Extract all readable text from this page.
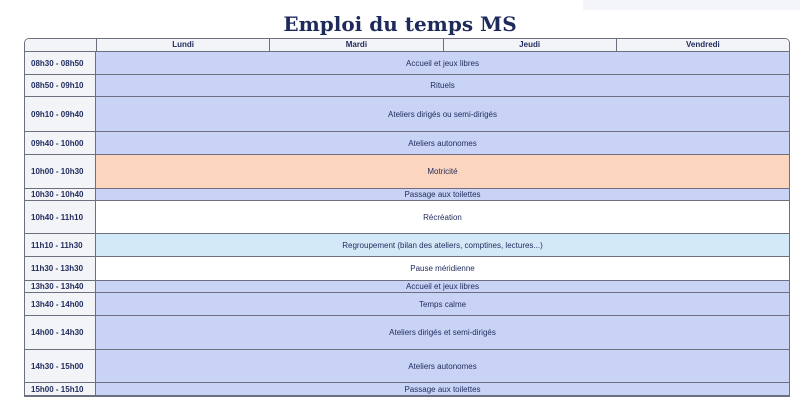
Emploi du temps MS
Lundi	Mardi	Jeudi	Vendredi
08h30 - 08h50	Accueil et jeux libres
08h50 - 09h10	Rituels
09h10 - 09h40	Ateliers dirigés ou semi-dirigés
09h40 - 10h00	Ateliers autonomes
10h00 - 10h30	Motricité
10h30 - 10h40	Passage aux toilettes
10h40 - 11h10	Récréation
11h10 - 11h30	Regroupement (bilan des ateliers, comptines, lectures...)
11h30 - 13h30	Pause méridienne
13h30 - 13h40	Accueil et jeux libres
13h40 - 14h00	Temps calme
14h00 - 14h30	Ateliers dirigés et semi-dirigés
14h30 - 15h00	Ateliers autonomes
15h00 - 15h10	Passage aux toilettes
